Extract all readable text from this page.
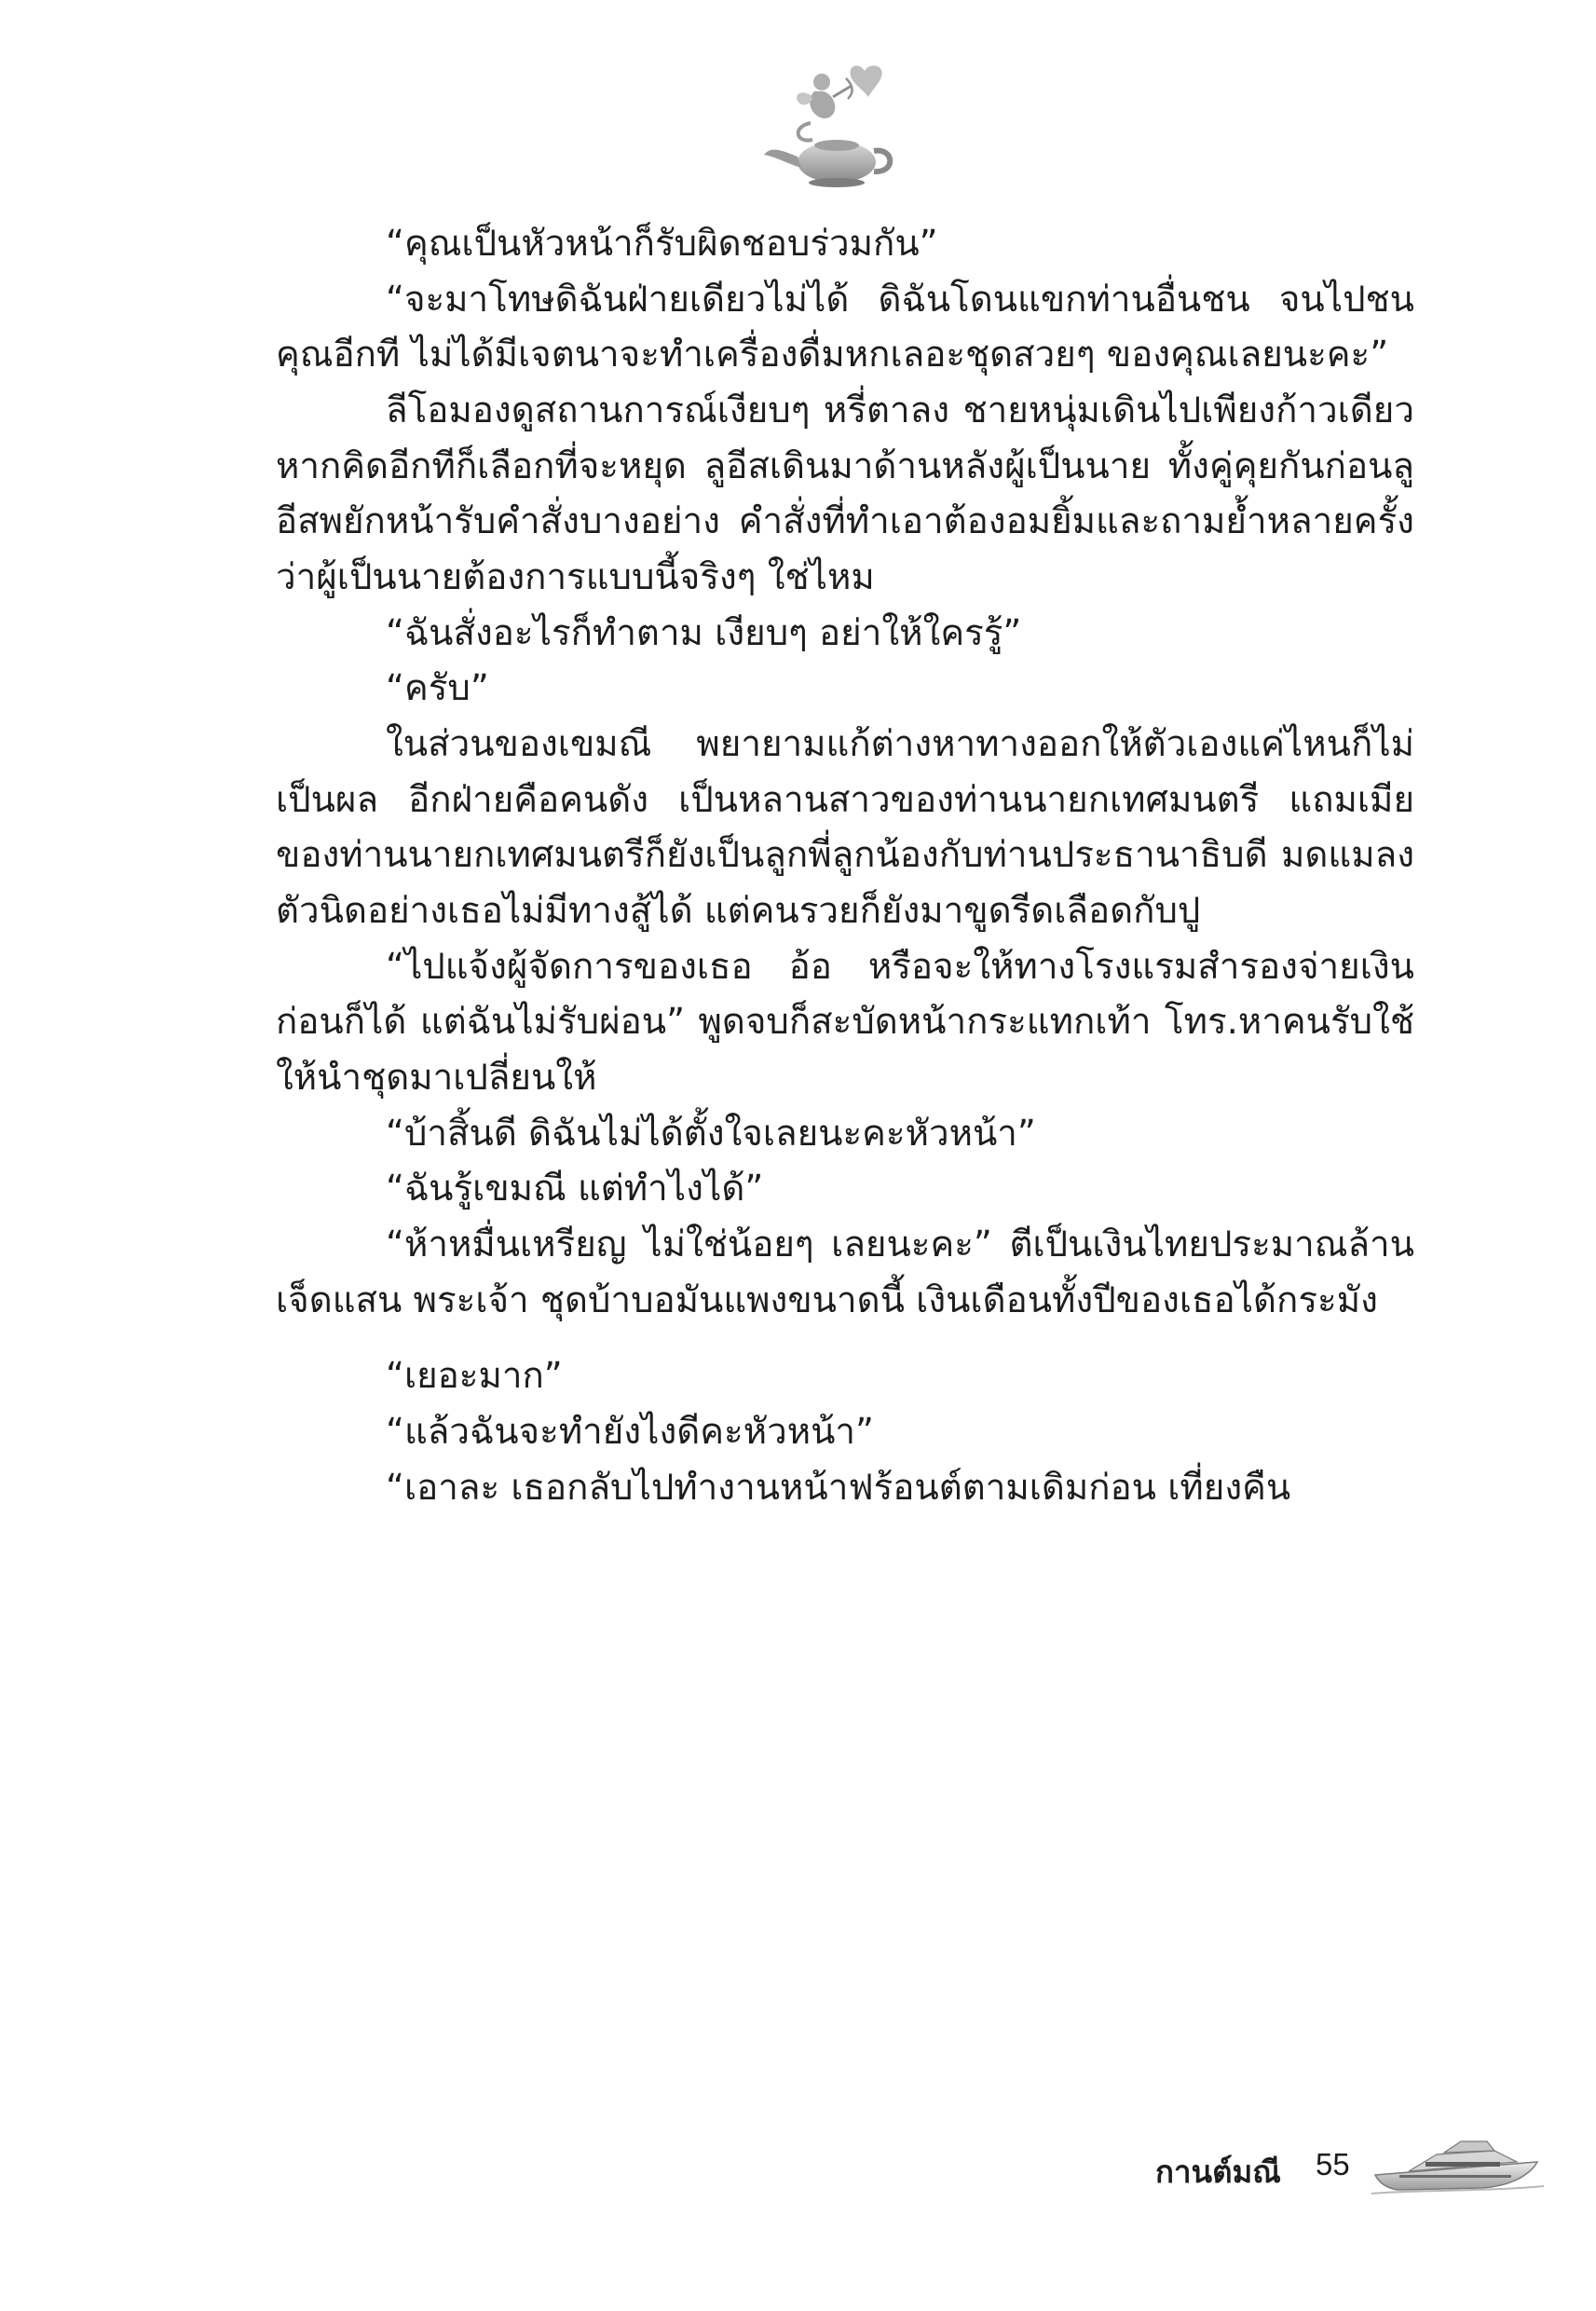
“คุณเป็นหัวหน้าก็รับผิดชอบร่วมกัน”

“จะมาโทษดิฉันฝ่ายเดียวไม่ได้ ดิฉันโดนแขกท่านอื่นชน จนไปชนคุณอีกที ไม่ได้มีเจตนาจะทำเครื่องดื่มหกเลอะชุดสวยๆ ของคุณเลยนะคะ”

ลีโอมองดูสถานการณ์เงียบๆ หรี่ตาลง ชายหนุ่มเดินไปเพียงก้าวเดียว หากคิดอีกทีก็เลือกที่จะหยุด ลูอีสเดินมาด้านหลังผู้เป็นนาย ทั้งคู่คุยกันก่อนลูอีสพยักหน้ารับคำสั่งบางอย่าง คำสั่งที่ทำเอาต้องอมยิ้มและถามย้ำหลายครั้งว่าผู้เป็นนายต้องการแบบนี้จริงๆ ใช่ไหม

“ฉันสั่งอะไรก็ทำตาม เงียบๆ อย่าให้ใครรู้”

“ครับ”

ในส่วนของเขมณี พยายามแก้ต่างหาทางออกให้ตัวเองแค่ไหนก็ไม่เป็นผล อีกฝ่ายคือคนดัง เป็นหลานสาวของท่านนายกเทศมนตรี แถมเมียของท่านนายกเทศมนตรีก็ยังเป็นลูกพี่ลูกน้องกับท่านประธานาธิบดี มดแมลงตัวนิดอย่างเธอไม่มีทางสู้ได้ แต่คนรวยก็ยังมาขูดรีดเลือดกับปู

“ไปแจ้งผู้จัดการของเธอ อ้อ หรือจะให้ทางโรงแรมสำรองจ่ายเงินก่อนก็ได้ แต่ฉันไม่รับผ่อน” พูดจบก็สะบัดหน้ากระแทกเท้า โทร.หาคนรับใช้ให้นำชุดมาเปลี่ยนให้

“บ้าสิ้นดี ดิฉันไม่ได้ตั้งใจเลยนะคะหัวหน้า”

“ฉันรู้เขมณี แต่ทำไงได้”

“ห้าหมื่นเหรียญ ไม่ใช่น้อยๆ เลยนะคะ” ตีเป็นเงินไทยประมาณล้านเจ็ดแสน พระเจ้า ชุดบ้าบอมันแพงขนาดนี้ เงินเดือนทั้งปีของเธอได้กระมัง

“เยอะมาก”

“แล้วฉันจะทำยังไงดีคะหัวหน้า”

“เอาละ เธอกลับไปทำงานหน้าฟร้อนต์ตามเดิมก่อน เที่ยงคืน

กานต์มณี 55
